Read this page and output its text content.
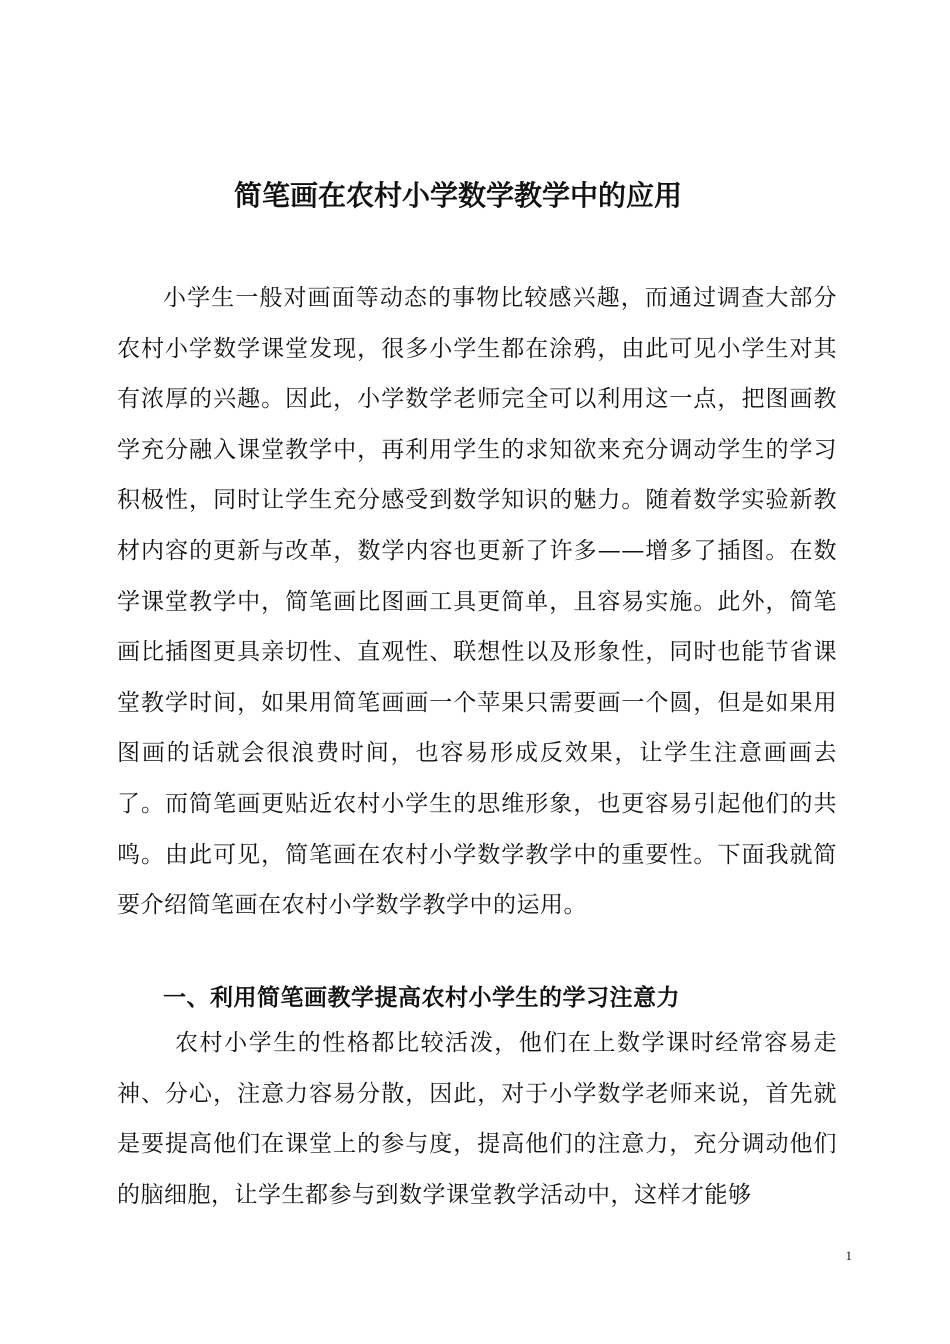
简笔画在农村小学数学教学中的应用

小学生一般对画面等动态的事物比较感兴趣，而通过调查大部分农村小学数学课堂发现，很多小学生都在涂鸦，由此可见小学生对其有浓厚的兴趣。因此，小学数学老师完全可以利用这一点，把图画教学充分融入课堂教学中，再利用学生的求知欲来充分调动学生的学习积极性，同时让学生充分感受到数学知识的魅力。随着数学实验新教材内容的更新与改革，数学内容也更新了许多——增多了插图。在数学课堂教学中，简笔画比图画工具更简单，且容易实施。此外，简笔画比插图更具亲切性、直观性、联想性以及形象性，同时也能节省课堂教学时间，如果用简笔画画一个苹果只需要画一个圆，但是如果用图画的话就会很浪费时间，也容易形成反效果，让学生注意画画去了。而简笔画更贴近农村小学生的思维形象，也更容易引起他们的共鸣。由此可见，简笔画在农村小学数学教学中的重要性。下面我就简要介绍简笔画在农村小学数学教学中的运用。

一、利用简笔画教学提高农村小学生的学习注意力

农村小学生的性格都比较活泼，他们在上数学课时经常容易走神、分心，注意力容易分散，因此，对于小学数学老师来说，首先就是要提高他们在课堂上的参与度，提高他们的注意力，充分调动他们的脑细胞，让学生都参与到数学课堂教学活动中，这样才能够

1
